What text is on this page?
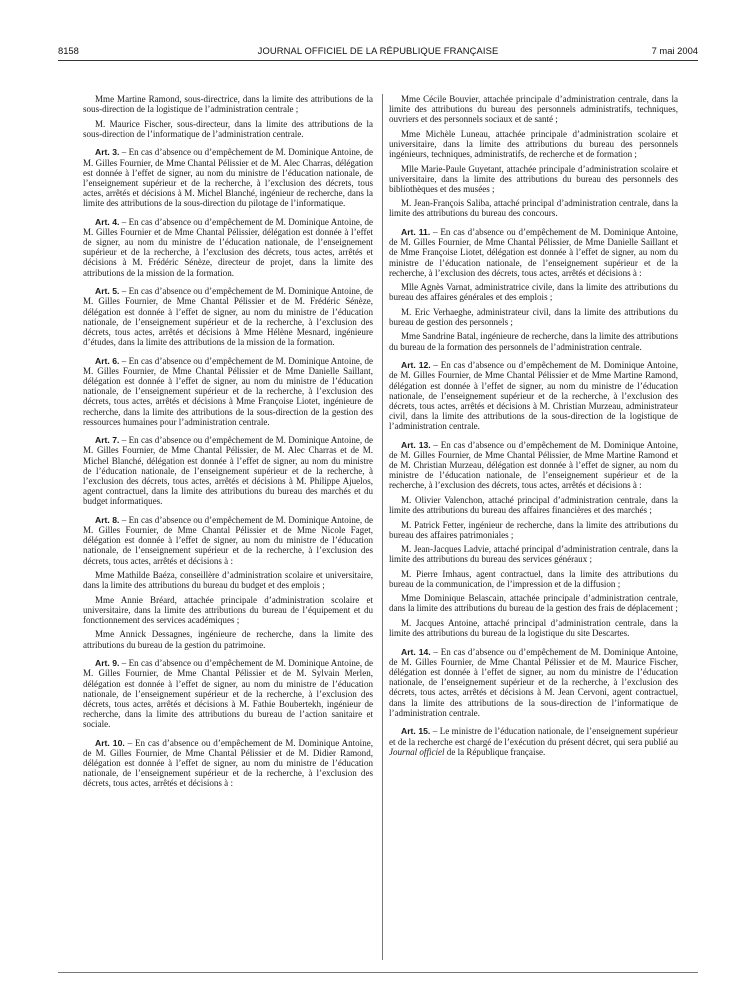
8158	JOURNAL OFFICIEL DE LA RÉPUBLIQUE FRANÇAISE	7 mai 2004

Mme Martine Ramond, sous-directrice, dans la limite des attributions de la sous-direction de la logistique de l’administration centrale ;

M. Maurice Fischer, sous-directeur, dans la limite des attributions de la sous-direction de l’informatique de l’administration centrale.

Art. 3. – En cas d’absence ou d’empêchement de M. Dominique Antoine, de M. Gilles Fournier, de Mme Chantal Pélissier et de M. Alec Charras, délégation est donnée à l’effet de signer, au nom du ministre de l’éducation nationale, de l’enseignement supérieur et de la recherche, à l’exclusion des décrets, tous actes, arrêtés et décisions à M. Michel Blanché, ingénieur de recherche, dans la limite des attributions de la sous-direction du pilotage de l’informatique.

Art. 4. – En cas d’absence ou d’empêchement de M. Dominique Antoine, de M. Gilles Fournier et de Mme Chantal Pélissier, délégation est donnée à l’effet de signer, au nom du ministre de l’éducation nationale, de l’enseignement supérieur et de la recherche, à l’exclusion des décrets, tous actes, arrêtés et décisions à M. Frédéric Sénèze, directeur de projet, dans la limite des attributions de la mission de la formation.

Art. 5. – En cas d’absence ou d’empêchement de M. Dominique Antoine, de M. Gilles Fournier, de Mme Chantal Pélissier et de M. Frédéric Sénèze, délégation est donnée à l’effet de signer, au nom du ministre de l’éducation nationale, de l’enseignement supérieur et de la recherche, à l’exclusion des décrets, tous actes, arrêtés et décisions à Mme Hélène Mesnard, ingénieure d’études, dans la limite des attributions de la mission de la formation.

Art. 6. – En cas d’absence ou d’empêchement de M. Dominique Antoine, de M. Gilles Fournier, de Mme Chantal Pélissier et de Mme Danielle Saillant, délégation est donnée à l’effet de signer, au nom du ministre de l’éducation nationale, de l’enseignement supérieur et de la recherche, à l’exclusion des décrets, tous actes, arrêtés et décisions à Mme Françoise Liotet, ingénieure de recherche, dans la limite des attributions de la sous-direction de la gestion des ressources humaines pour l’administration centrale.

Art. 7. – En cas d’absence ou d’empêchement de M. Dominique Antoine, de M. Gilles Fournier, de Mme Chantal Pélissier, de M. Alec Charras et de M. Michel Blanché, délégation est donnée à l’effet de signer, au nom du ministre de l’éducation nationale, de l’enseignement supérieur et de la recherche, à l’exclusion des décrets, tous actes, arrêtés et décisions à M. Philippe Ajuelos, agent contractuel, dans la limite des attributions du bureau des marchés et du budget informatiques.

Art. 8. – En cas d’absence ou d’empêchement de M. Dominique Antoine, de M. Gilles Fournier, de Mme Chantal Pélissier et de Mme Nicole Faget, délégation est donnée à l’effet de signer, au nom du ministre de l’éducation nationale, de l’enseignement supérieur et de la recherche, à l’exclusion des décrets, tous actes, arrêtés et décisions à :

Mme Mathilde Baéza, conseillère d’administration scolaire et universitaire, dans la limite des attributions du bureau du budget et des emplois ;

Mme Annie Bréard, attachée principale d’administration scolaire et universitaire, dans la limite des attributions du bureau de l’équipement et du fonctionnement des services académiques ;

Mme Annick Dessagnes, ingénieure de recherche, dans la limite des attributions du bureau de la gestion du patrimoine.

Art. 9. – En cas d’absence ou d’empêchement de M. Dominique Antoine, de M. Gilles Fournier, de Mme Chantal Pélissier et de M. Sylvain Merlen, délégation est donnée à l’effet de signer, au nom du ministre de l’éducation nationale, de l’enseignement supérieur et de la recherche, à l’exclusion des décrets, tous actes, arrêtés et décisions à M. Fathie Boubertekh, ingénieur de recherche, dans la limite des attributions du bureau de l’action sanitaire et sociale.

Art. 10. – En cas d’absence ou d’empêchement de M. Dominique Antoine, de M. Gilles Fournier, de Mme Chantal Pélissier et de M. Didier Ramond, délégation est donnée à l’effet de signer, au nom du ministre de l’éducation nationale, de l’enseignement supérieur et de la recherche, à l’exclusion des décrets, tous actes, arrêtés et décisions à :

Mme Cécile Bouvier, attachée principale d’administration centrale, dans la limite des attributions du bureau des personnels administratifs, techniques, ouvriers et des personnels sociaux et de santé ;

Mme Michèle Luneau, attachée principale d’administration scolaire et universitaire, dans la limite des attributions du bureau des personnels ingénieurs, techniques, administratifs, de recherche et de formation ;

Mlle Marie-Paule Guyetant, attachée principale d’administration scolaire et universitaire, dans la limite des attributions du bureau des personnels des bibliothèques et des musées ;

M. Jean-François Saliba, attaché principal d’administration centrale, dans la limite des attributions du bureau des concours.

Art. 11. – En cas d’absence ou d’empêchement de M. Dominique Antoine, de M. Gilles Fournier, de Mme Chantal Pélissier, de Mme Danielle Saillant et de Mme Françoise Liotet, délégation est donnée à l’effet de signer, au nom du ministre de l’éducation nationale, de l’enseignement supérieur et de la recherche, à l’exclusion des décrets, tous actes, arrêtés et décisions à :

Mlle Agnès Varnat, administratrice civile, dans la limite des attributions du bureau des affaires générales et des emplois ;

M. Eric Verhaeghe, administrateur civil, dans la limite des attributions du bureau de gestion des personnels ;

Mme Sandrine Batal, ingénieure de recherche, dans la limite des attributions du bureau de la formation des personnels de l’administration centrale.

Art. 12. – En cas d’absence ou d’empêchement de M. Dominique Antoine, de M. Gilles Fournier, de Mme Chantal Pélissier et de Mme Martine Ramond, délégation est donnée à l’effet de signer, au nom du ministre de l’éducation nationale, de l’enseignement supérieur et de la recherche, à l’exclusion des décrets, tous actes, arrêtés et décisions à M. Christian Murzeau, administrateur civil, dans la limite des attributions de la sous-direction de la logistique de l’administration centrale.

Art. 13. – En cas d’absence ou d’empêchement de M. Dominique Antoine, de M. Gilles Fournier, de Mme Chantal Pélissier, de Mme Martine Ramond et de M. Christian Murzeau, délégation est donnée à l’effet de signer, au nom du ministre de l’éducation nationale, de l’enseignement supérieur et de la recherche, à l’exclusion des décrets, tous actes, arrêtés et décisions à :

M. Olivier Valenchon, attaché principal d’administration centrale, dans la limite des attributions du bureau des affaires financières et des marchés ;

M. Patrick Fetter, ingénieur de recherche, dans la limite des attributions du bureau des affaires patrimoniales ;

M. Jean-Jacques Ladvie, attaché principal d’administration centrale, dans la limite des attributions du bureau des services généraux ;

M. Pierre Imhaus, agent contractuel, dans la limite des attributions du bureau de la communication, de l’impression et de la diffusion ;

Mme Dominique Belascain, attachée principale d’administration centrale, dans la limite des attributions du bureau de la gestion des frais de déplacement ;

M. Jacques Antoine, attaché principal d’administration centrale, dans la limite des attributions du bureau de la logistique du site Descartes.

Art. 14. – En cas d’absence ou d’empêchement de M. Dominique Antoine, de M. Gilles Fournier, de Mme Chantal Pélissier et de M. Maurice Fischer, délégation est donnée à l’effet de signer, au nom du ministre de l’éducation nationale, de l’enseignement supérieur et de la recherche, à l’exclusion des décrets, tous actes, arrêtés et décisions à M. Jean Cervoni, agent contractuel, dans la limite des attributions de la sous-direction de l’informatique de l’administration centrale.

Art. 15. – Le ministre de l’éducation nationale, de l’enseignement supérieur et de la recherche est chargé de l’exécution du présent décret, qui sera publié au Journal officiel de la République française.
